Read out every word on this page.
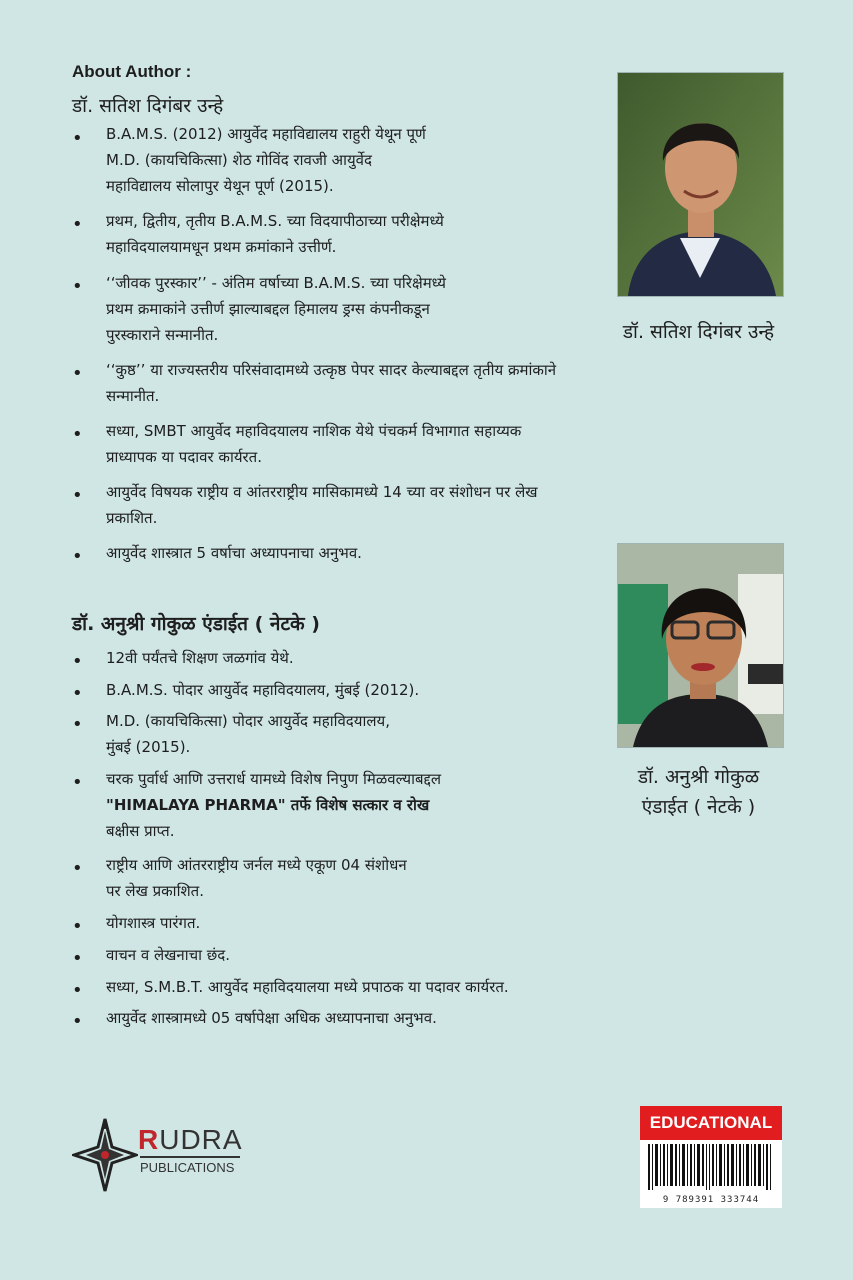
About Author :
डॉ. सतिश दिगंबर उन्हे
• B.A.M.S. (2012) आयुर्वेद महाविद्यालय राहुरी येथून पूर्ण
M.D. (कायचिकित्सा) शेठ गोविंद रावजी आयुर्वेद
महाविद्यालय सोलापुर येथून पूर्ण (2015).
• प्रथम, द्वितीय, तृतीय B.A.M.S. च्या विदयापीठाच्या परीक्षेमध्ये
महाविदयालयामधून प्रथम क्रमांकाने उत्तीर्ण.
• ‘‘जीवक पुरस्कार’’ - अंतिम वर्षाच्या B.A.M.S. च्या परिक्षेमध्ये
प्रथम क्रमाकांने उत्तीर्ण झाल्याबद्दल हिमालय ड्रग्स कंपनीकडून
पुरस्काराने सन्मानीत.
• ‘‘कुष्ठ’’ या राज्यस्तरीय परिसंवादामध्ये उत्कृष्ठ पेपर सादर केल्याबद्दल तृतीय क्रमांकाने
सन्मानीत.
• सध्या, SMBT आयुर्वेद महाविदयालय नाशिक येथे पंचकर्म विभागात सहाय्यक
प्राध्यापक या पदावर कार्यरत.
• आयुर्वेद विषयक राष्ट्रीय व आंतरराष्ट्रीय मासिकामध्ये 14 च्या वर संशोधन पर लेख
प्रकाशित.
• आयुर्वेद शास्त्रात 5 वर्षाचा अध्यापनाचा अनुभव.
डॉ. सतिश दिगंबर उन्हे
डॉ. अनुश्री गोकुळ एंडाईत ( नेटके )
• 12वी पर्यंतचे शिक्षण जळगांव येथे.
• B.A.M.S. पोदार आयुर्वेद महाविदयालय, मुंबई (2012).
• M.D. (कायचिकित्सा) पोदार आयुर्वेद महाविदयालय,
मुंबई (2015).
• चरक पुर्वार्ध आणि उत्तरार्ध यामध्ये विशेष निपुण मिळवल्याबद्दल
"HIMALAYA PHARMA" तर्फे विशेष सत्कार व रोख
बक्षीस प्राप्त.
• राष्ट्रीय आणि आंतरराष्ट्रीय जर्नल मध्ये एकूण 04 संशोधन
पर लेख प्रकाशित.
• योगशास्त्र पारंगत.
• वाचन व लेखनाचा छंद.
• सध्या, S.M.B.T. आयुर्वेद महाविदयालया मध्ये प्रपाठक या पदावर कार्यरत.
• आयुर्वेद शास्त्रामध्ये 05 वर्षापेक्षा अधिक अध्यापनाचा अनुभव.
डॉ. अनुश्री गोकुळ
एंडाईत ( नेटके )
RUDRA
PUBLICATIONS
EDUCATIONAL
9 789391 333744
